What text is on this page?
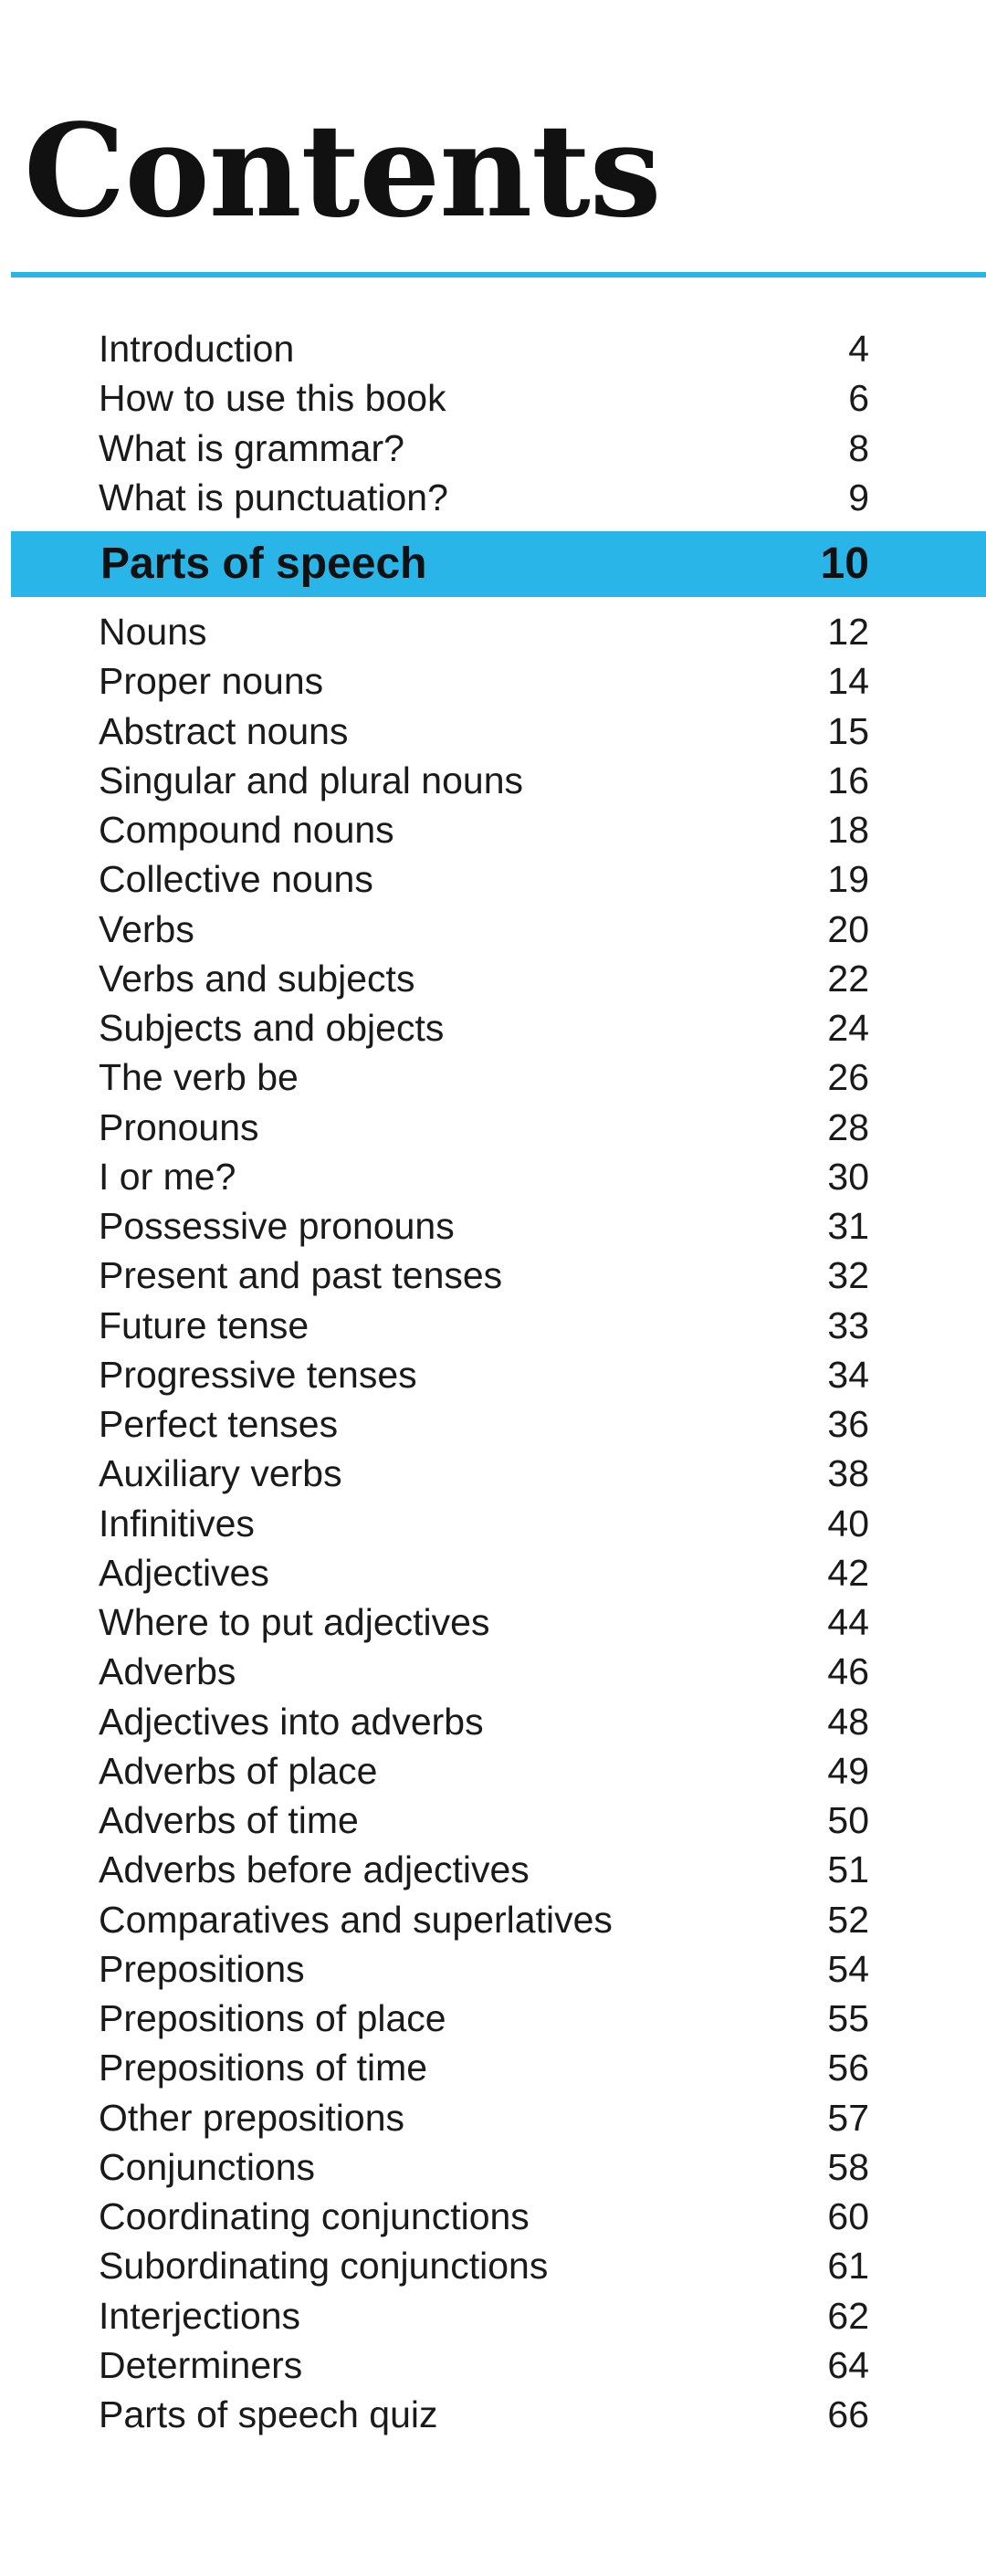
Contents
Introduction	4
How to use this book	6
What is grammar?	8
What is punctuation?	9
Parts of speech	10
Nouns	12
Proper nouns	14
Abstract nouns	15
Singular and plural nouns	16
Compound nouns	18
Collective nouns	19
Verbs	20
Verbs and subjects	22
Subjects and objects	24
The verb be	26
Pronouns	28
I or me?	30
Possessive pronouns	31
Present and past tenses	32
Future tense	33
Progressive tenses	34
Perfect tenses	36
Auxiliary verbs	38
Infinitives	40
Adjectives	42
Where to put adjectives	44
Adverbs	46
Adjectives into adverbs	48
Adverbs of place	49
Adverbs of time	50
Adverbs before adjectives	51
Comparatives and superlatives	52
Prepositions	54
Prepositions of place	55
Prepositions of time	56
Other prepositions	57
Conjunctions	58
Coordinating conjunctions	60
Subordinating conjunctions	61
Interjections	62
Determiners	64
Parts of speech quiz	66
